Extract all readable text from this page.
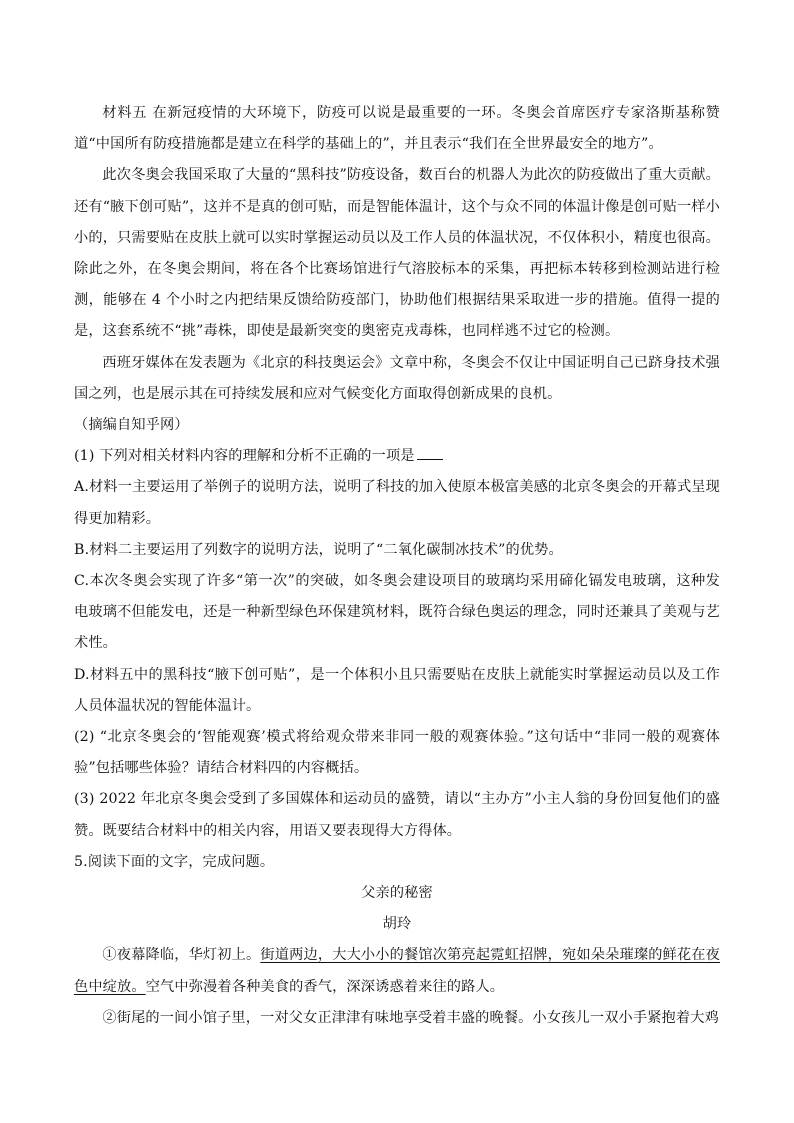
材料五 在新冠疫情的大环境下，防疫可以说是最重要的一环。冬奥会首席医疗专家洛斯基称赞道“中国所有防疫措施都是建立在科学的基础上的”，并且表示“我们在全世界最安全的地方”。

此次冬奥会我国采取了大量的“黑科技”防疫设备，数百台的机器人为此次的防疫做出了重大贡献。还有“腋下创可贴”，这并不是真的创可贴，而是智能体温计，这个与众不同的体温计像是创可贴一样小小的，只需要贴在皮肤上就可以实时掌握运动员以及工作人员的体温状况，不仅体积小，精度也很高。除此之外，在冬奥会期间，将在各个比赛场馆进行气溶胶标本的采集，再把标本转移到检测站进行检测，能够在 4 个小时之内把结果反馈给防疫部门，协助他们根据结果采取进一步的措施。值得一提的是，这套系统不“挑”毒株，即使是最新突变的奥密克戎毒株，也同样逃不过它的检测。

西班牙媒体在发表题为《北京的科技奥运会》文章中称，冬奥会不仅让中国证明自己已跻身技术强国之列，也是展示其在可持续发展和应对气候变化方面取得创新成果的良机。

（摘编自知乎网）

(1) 下列对相关材料内容的理解和分析不正确的一项是

A.材料一主要运用了举例子的说明方法，说明了科技的加入使原本极富美感的北京冬奥会的开幕式呈现得更加精彩。

B.材料二主要运用了列数字的说明方法，说明了“二氧化碳制冰技术”的优势。

C.本次冬奥会实现了许多“第一次”的突破，如冬奥会建设项目的玻璃均采用碲化镉发电玻璃，这种发电玻璃不但能发电，还是一种新型绿色环保建筑材料，既符合绿色奥运的理念，同时还兼具了美观与艺术性。

D.材料五中的黑科技“腋下创可贴”，是一个体积小且只需要贴在皮肤上就能实时掌握运动员以及工作人员体温状况的智能体温计。

(2) “北京冬奥会的‘智能观赛’模式将给观众带来非同一般的观赛体验。”这句话中“非同一般的观赛体验”包括哪些体验？请结合材料四的内容概括。

(3) 2022 年北京冬奥会受到了多国媒体和运动员的盛赞，请以“主办方”小主人翁的身份回复他们的盛赞。既要结合材料中的相关内容，用语又要表现得大方得体。

5.阅读下面的文字，完成问题。

父亲的秘密

胡玲

①夜幕降临，华灯初上。街道两边，大大小小的餐馆次第亮起霓虹招牌，宛如朵朵璀璨的鲜花在夜色中绽放。空气中弥漫着各种美食的香气，深深诱惑着来往的路人。

②街尾的一间小馆子里，一对父女正津津有味地享受着丰盛的晚餐。小女孩儿一双小手紧抱着大鸡
